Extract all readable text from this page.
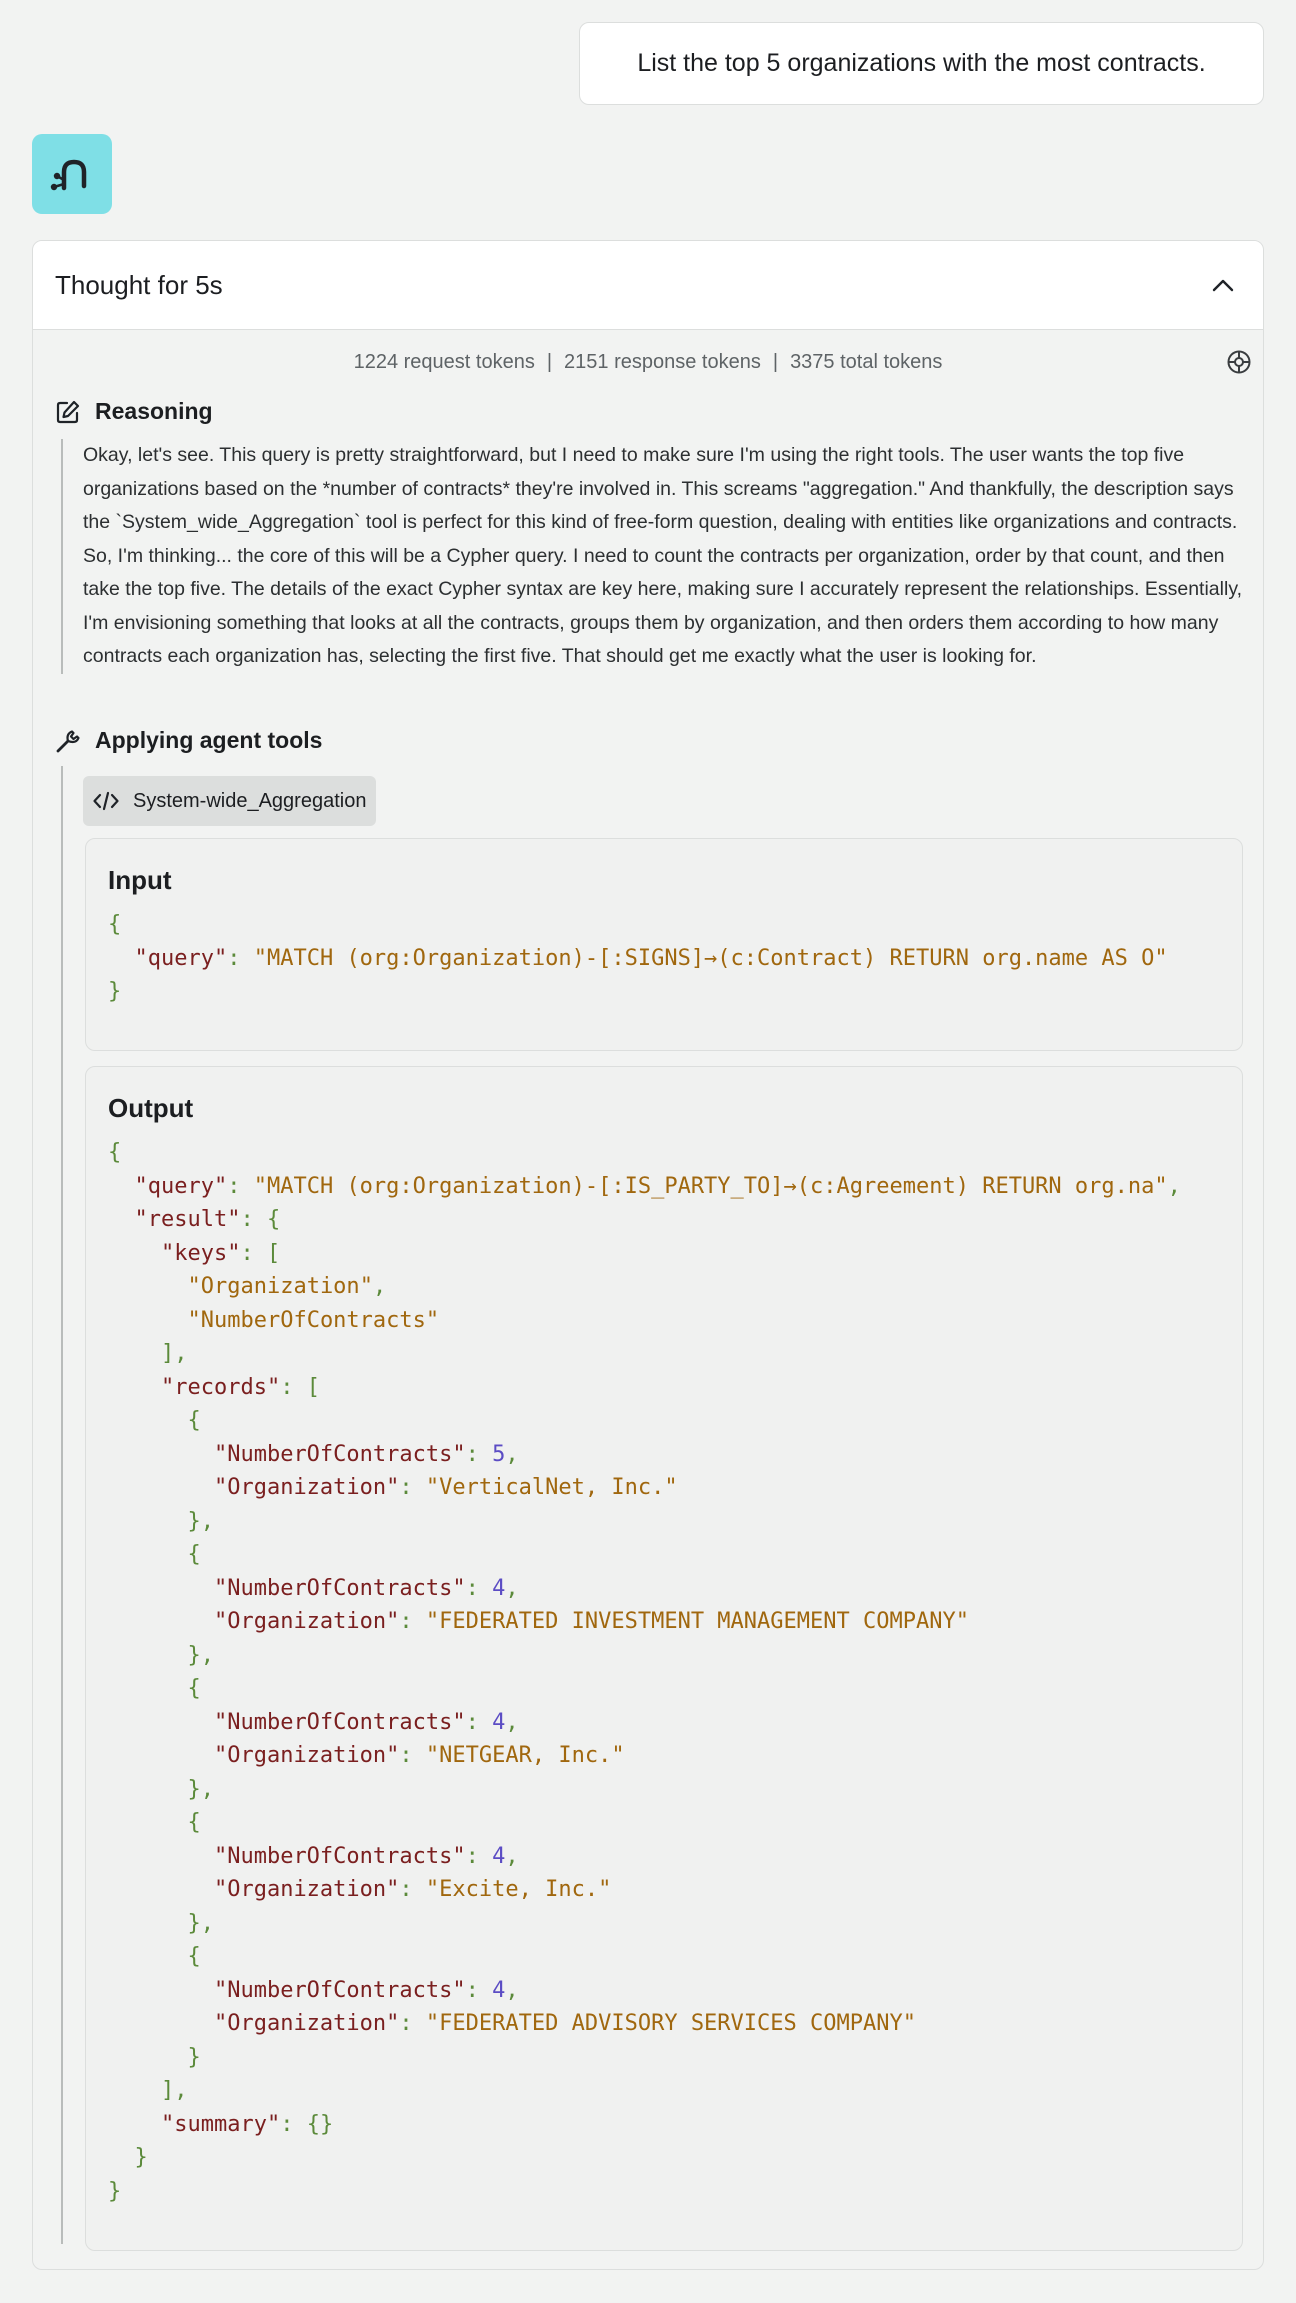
List the top 5 organizations with the most contracts.
Thought for 5s
1224 request tokens | 2151 response tokens | 3375 total tokens
Reasoning
Okay, let's see. This query is pretty straightforward, but I need to make sure I'm using the right tools. The user wants the top five organizations based on the *number of contracts* they're involved in. This screams "aggregation." And thankfully, the description says the `System_wide_Aggregation` tool is perfect for this kind of free-form question, dealing with entities like organizations and contracts. So, I'm thinking... the core of this will be a Cypher query. I need to count the contracts per organization, order by that count, and then take the top five. The details of the exact Cypher syntax are key here, making sure I accurately represent the relationships. Essentially, I'm envisioning something that looks at all the contracts, groups them by organization, and then orders them according to how many contracts each organization has, selecting the first five. That should get me exactly what the user is looking for.
Applying agent tools
System-wide_Aggregation
Input
{
"query": "MATCH (org:Organization)-[:SIGNS]→(c:Contract) RETURN org.name AS O"
}
Output
{
"query": "MATCH (org:Organization)-[:IS_PARTY_TO]→(c:Agreement) RETURN org.na",
"result": {
"keys": [
"Organization",
"NumberOfContracts"
],
"records": [
{
"NumberOfContracts": 5,
"Organization": "VerticalNet, Inc."
},
{
"NumberOfContracts": 4,
"Organization": "FEDERATED INVESTMENT MANAGEMENT COMPANY"
},
{
"NumberOfContracts": 4,
"Organization": "NETGEAR, Inc."
},
{
"NumberOfContracts": 4,
"Organization": "Excite, Inc."
},
{
"NumberOfContracts": 4,
"Organization": "FEDERATED ADVISORY SERVICES COMPANY"
}
],
"summary": {}
}
}
